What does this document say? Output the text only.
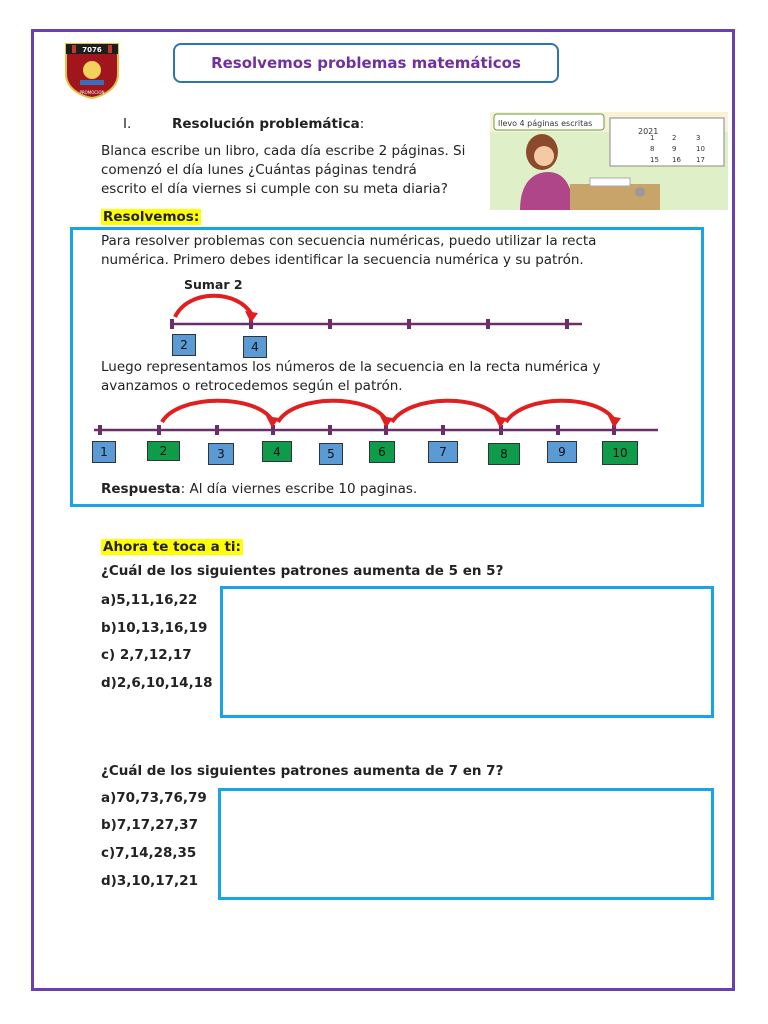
7076
PROMOCION
Resolvemos problemas matemáticos
I.	Resolución problemática:
Blanca escribe un libro, cada día escribe 2 páginas. Si
comenzó el día lunes ¿Cuántas páginas tendrá
escrito el día viernes si cumple con su meta diaria?
llevo 4 páginas escritas
2021
1	2	3
8	9	10
15 16 17
Resolvemos:
Para resolver problemas con secuencia numéricas, puedo utilizar la recta
numérica. Primero debes identificar la secuencia numérica y su patrón.
Sumar 2
2	4
Luego representamos los números de la secuencia en la recta numérica y
avanzamos o retrocedemos según el patrón.
1	2	3	4	5	6	7	8	9	10
Respuesta: Al día viernes escribe 10 paginas.
Ahora te toca a ti:
¿Cuál de los siguientes patrones aumenta de 5 en 5?
a)5,11,16,22
b)10,13,16,19
c) 2,7,12,17
d)2,6,10,14,18
¿Cuál de los siguientes patrones aumenta de 7 en 7?
a)70,73,76,79
b)7,17,27,37
c)7,14,28,35
d)3,10,17,21
